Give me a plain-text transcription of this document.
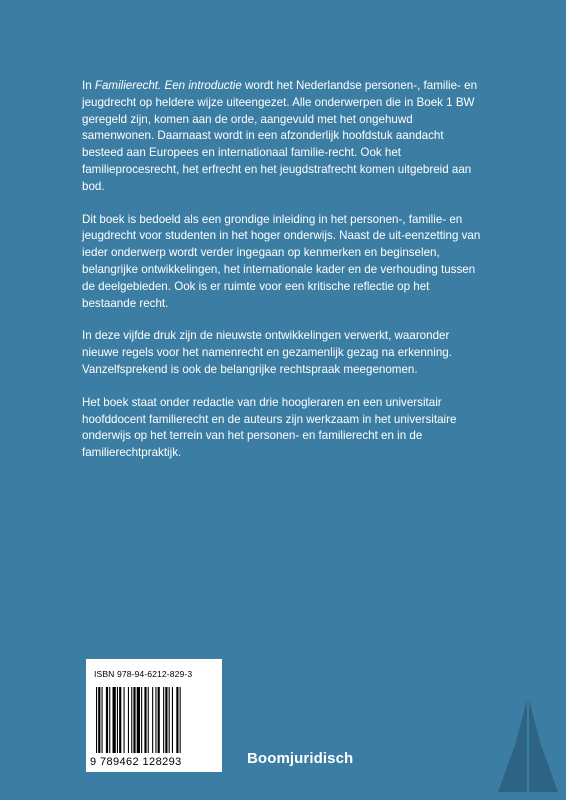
In Familierecht. Een introductie wordt het Nederlandse personen-, familie- en jeugdrecht op heldere wijze uiteengezet. Alle onderwerpen die in Boek 1 BW geregeld zijn, komen aan de orde, aangevuld met het ongehuwd samenwonen. Daarnaast wordt in een afzonderlijk hoofdstuk aandacht besteed aan Europees en internationaal familie-recht. Ook het familieprocesrecht, het erfrecht en het jeugdstrafrecht komen uitgebreid aan bod.

Dit boek is bedoeld als een grondige inleiding in het personen-, familie- en jeugdrecht voor studenten in het hoger onderwijs. Naast de uit-eenzetting van ieder onderwerp wordt verder ingegaan op kenmerken en beginselen, belangrijke ontwikkelingen, het internationale kader en de verhouding tussen de deelgebieden. Ook is er ruimte voor een kritische reflectie op het bestaande recht.

In deze vijfde druk zijn de nieuwste ontwikkelingen verwerkt, waaronder nieuwe regels voor het namenrecht en gezamenlijk gezag na erkenning. Vanzelfsprekend is ook de belangrijke rechtspraak meegenomen.

Het boek staat onder redactie van drie hoogleraren en een universitair hoofddocent familierecht en de auteurs zijn werkzaam in het universitaire onderwijs op het terrein van het personen- en familierecht en in de familierechtpraktijk.

ISBN 978-94-6212-829-3
9 789462 128293	Boomjuridisch
